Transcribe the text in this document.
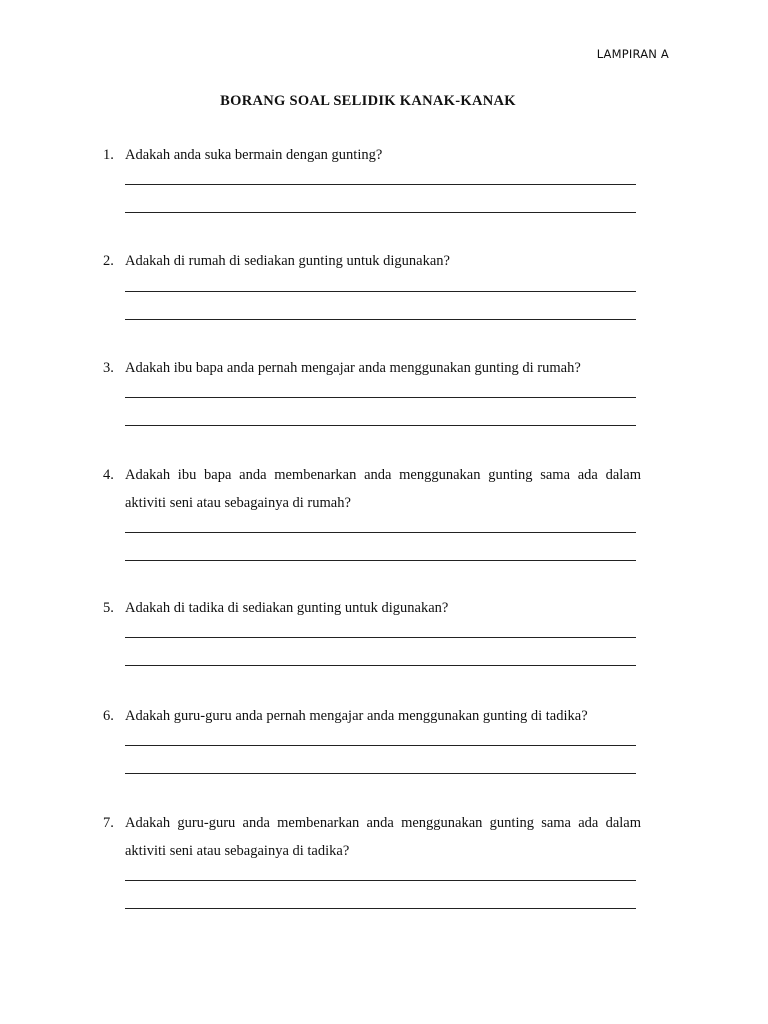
LAMPIRAN A
BORANG SOAL SELIDIK KANAK-KANAK
1. Adakah anda suka bermain dengan gunting?
2. Adakah di rumah di sediakan gunting untuk digunakan?
3. Adakah ibu bapa anda pernah mengajar anda menggunakan gunting di rumah?
4. Adakah ibu bapa anda membenarkan anda menggunakan gunting sama ada dalam aktiviti seni atau sebagainya di rumah?
5. Adakah di tadika di sediakan gunting untuk digunakan?
6. Adakah guru-guru anda pernah mengajar anda menggunakan gunting di tadika?
7. Adakah guru-guru anda membenarkan anda menggunakan gunting sama ada dalam aktiviti seni atau sebagainya di tadika?
